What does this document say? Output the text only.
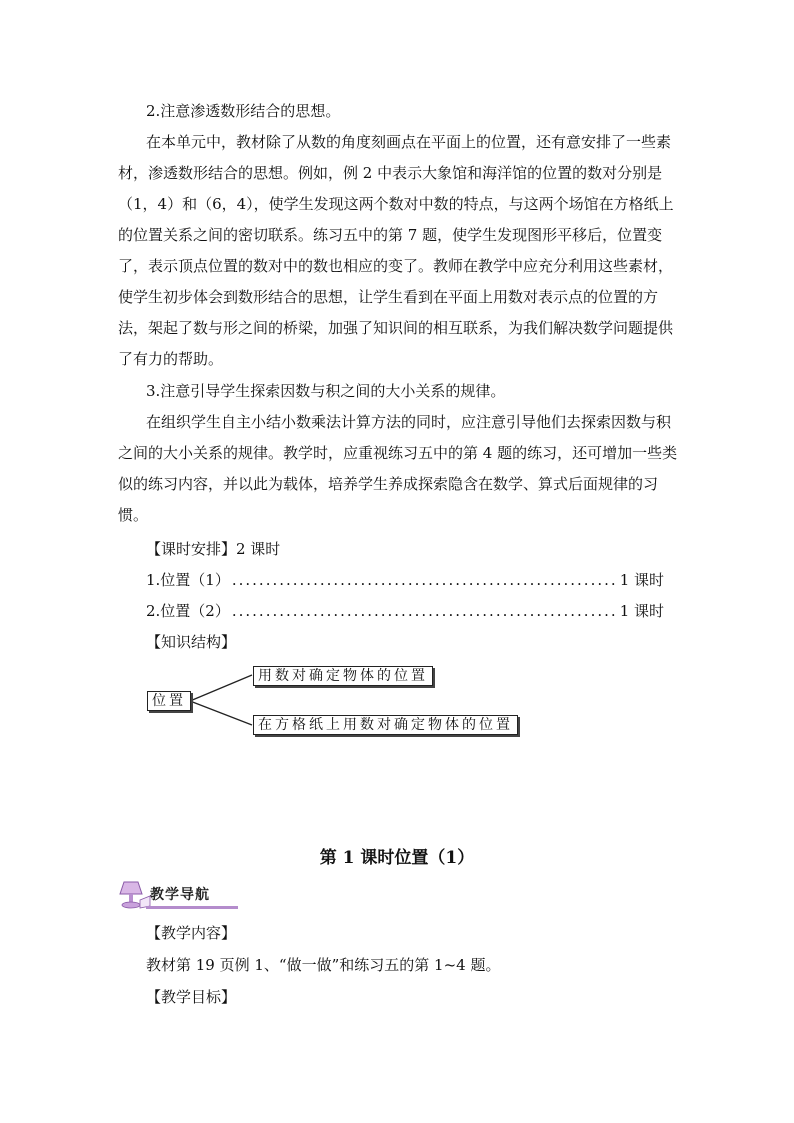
2.注意渗透数形结合的思想。

在本单元中，教材除了从数的角度刻画点在平面上的位置，还有意安排了一些素材，渗透数形结合的思想。例如，例 2 中表示大象馆和海洋馆的位置的数对分别是（1，4）和（6，4），使学生发现这两个数对中数的特点，与这两个场馆在方格纸上的位置关系之间的密切联系。练习五中的第 7 题，使学生发现图形平移后，位置变了，表示顶点位置的数对中的数也相应的变了。教师在教学中应充分利用这些素材，使学生初步体会到数形结合的思想，让学生看到在平面上用数对表示点的位置的方法，架起了数与形之间的桥梁，加强了知识间的相互联系，为我们解决数学问题提供了有力的帮助。

3.注意引导学生探索因数与积之间的大小关系的规律。

在组织学生自主小结小数乘法计算方法的同时，应注意引导他们去探索因数与积之间的大小关系的规律。教学时，应重视练习五中的第 4 题的练习，还可增加一些类似的练习内容，并以此为载体，培养学生养成探索隐含在数学、算式后面规律的习惯。

【课时安排】2 课时
1.位置（1） .....	1 课时
2.位置（2） .....	1 课时
【知识结构】
位置
用数对确定物体的位置
在方格纸上用数对确定物体的位置
第 1 课时位置（1）
教学导航
【教学内容】
教材第 19 页例 1、“做一做”和练习五的第 1~4 题。
【教学目标】
